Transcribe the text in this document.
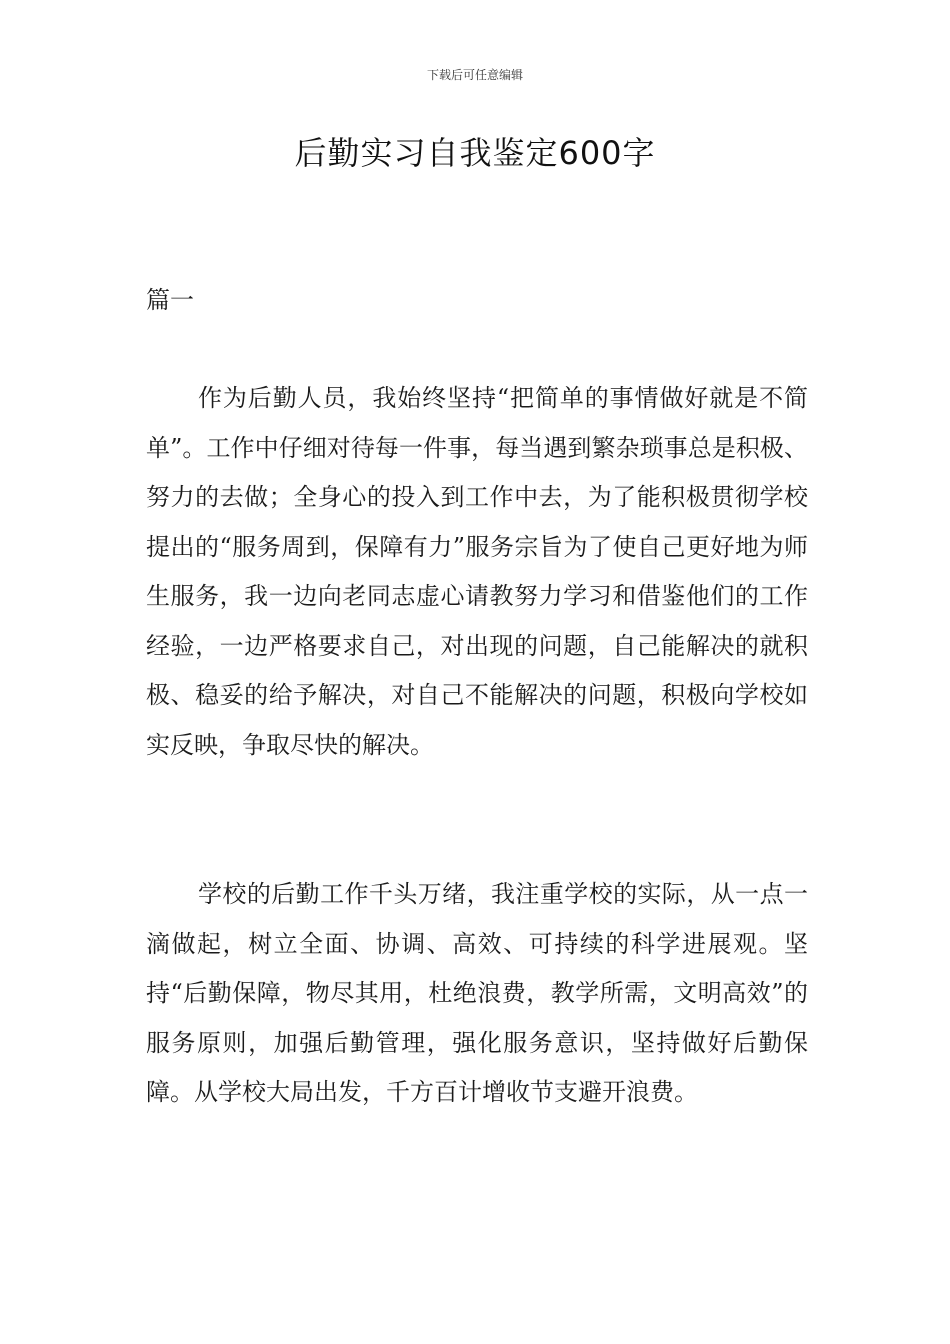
下载后可任意编辑
后勤实习自我鉴定600字

篇一

作为后勤人员，我始终坚持“把简单的事情做好就是不简单”。工作中仔细对待每一件事，每当遇到繁杂琐事总是积极、努力的去做；全身心的投入到工作中去，为了能积极贯彻学校提出的“服务周到，保障有力”服务宗旨为了使自己更好地为师生服务，我一边向老同志虚心请教努力学习和借鉴他们的工作经验，一边严格要求自己，对出现的问题，自己能解决的就积极、稳妥的给予解决，对自己不能解决的问题，积极向学校如实反映，争取尽快的解决。

学校的后勤工作千头万绪，我注重学校的实际，从一点一滴做起，树立全面、协调、高效、可持续的科学进展观。坚持“后勤保障，物尽其用，杜绝浪费，教学所需，文明高效”的服务原则，加强后勤管理，强化服务意识，坚持做好后勤保障。从学校大局出发，千方百计增收节支避开浪费。
